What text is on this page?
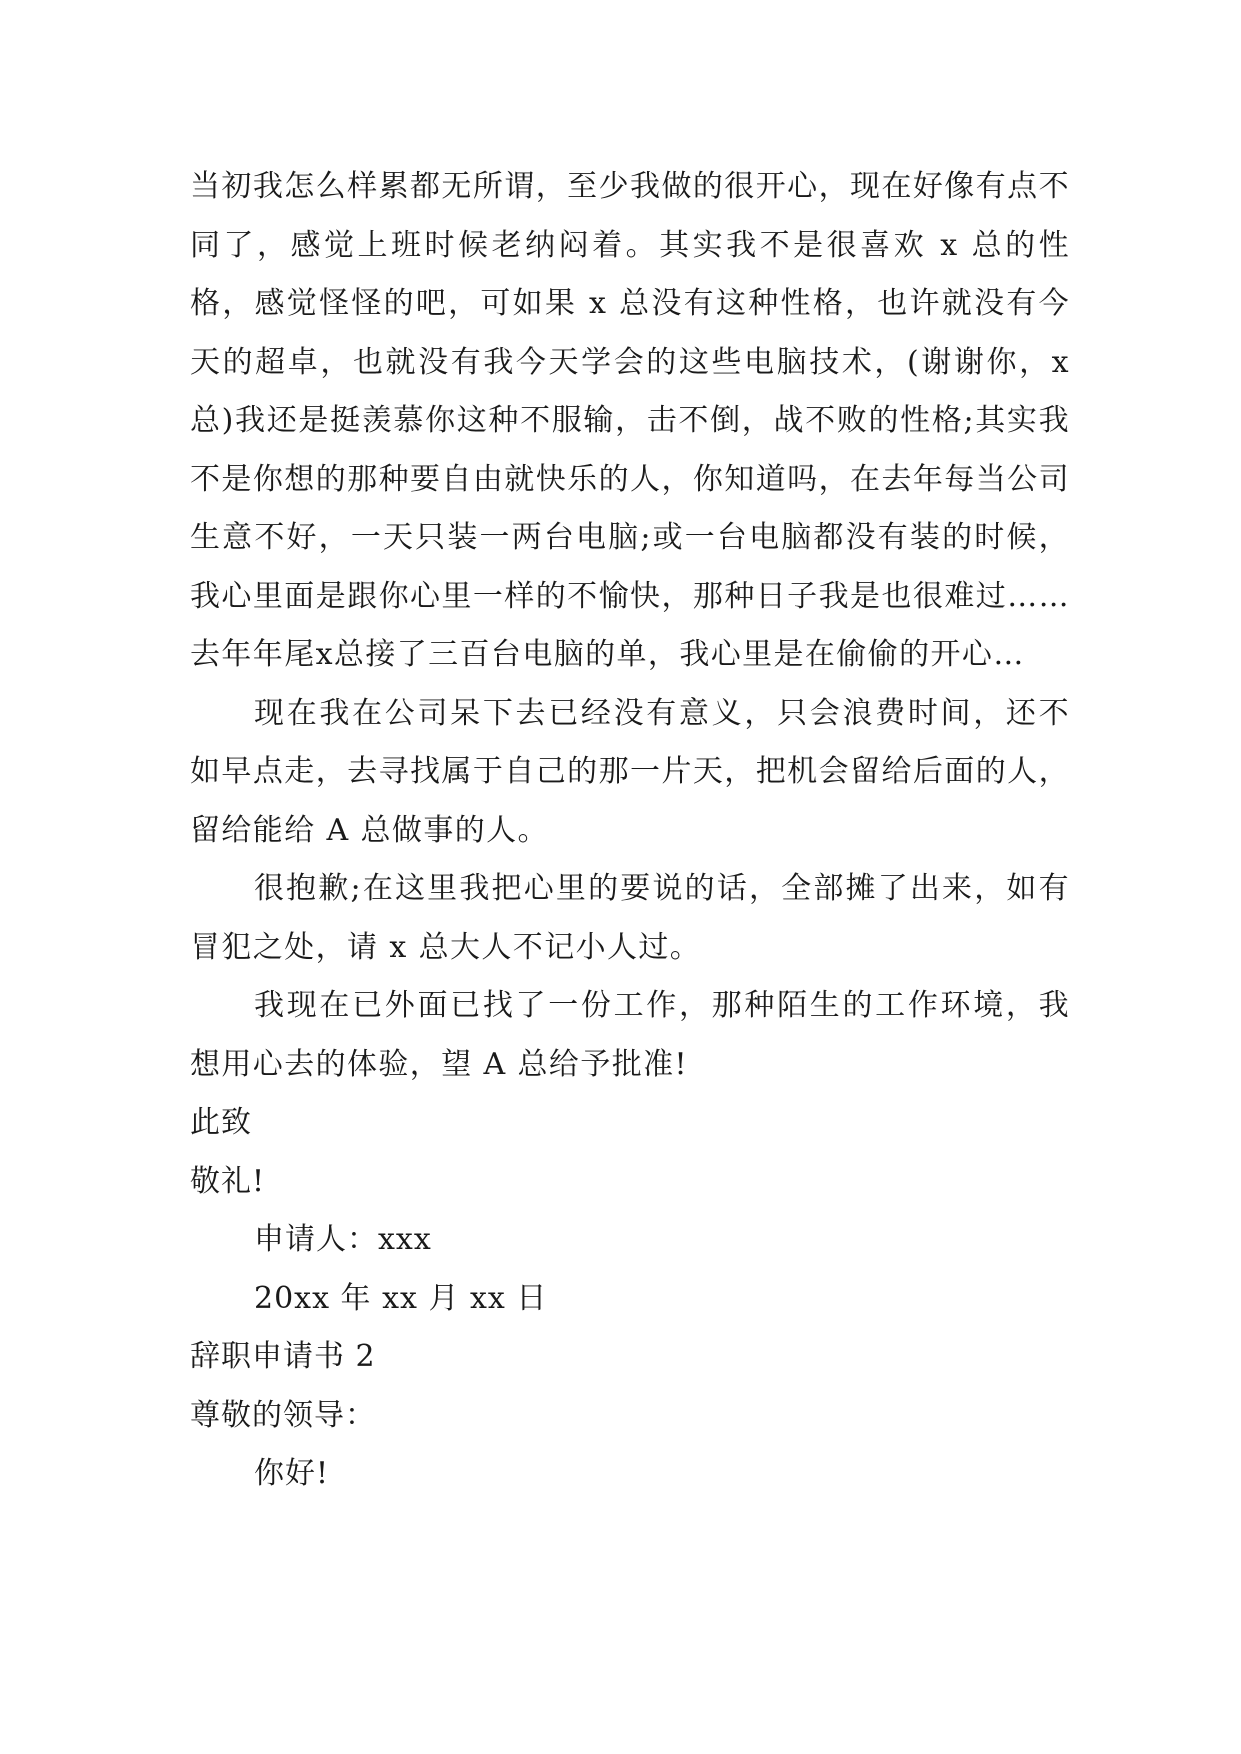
当初我怎么样累都无所谓，至少我做的很开心，现在好像有点不同了，感觉上班时候老纳闷着。其实我不是很喜欢 x 总的性格，感觉怪怪的吧，可如果 x 总没有这种性格，也许就没有今天的超卓，也就没有我今天学会的这些电脑技术，(谢谢你，x 总)我还是挺羡慕你这种不服输，击不倒，战不败的性格;其实我不是你想的那种要自由就快乐的人，你知道吗，在去年每当公司生意不好，一天只装一两台电脑;或一台电脑都没有装的时候，我心里面是跟你心里一样的不愉快，那种日子我是也很难过……去年年尾x总接了三百台电脑的单，我心里是在偷偷的开心…

现在我在公司呆下去已经没有意义，只会浪费时间，还不如早点走，去寻找属于自己的那一片天，把机会留给后面的人，留给能给 A 总做事的人。

很抱歉;在这里我把心里的要说的话，全部摊了出来，如有冒犯之处，请 x 总大人不记小人过。

我现在已外面已找了一份工作，那种陌生的工作环境，我想用心去的体验，望 A 总给予批准!

此致

敬礼!

申请人：xxx

20xx 年 xx 月 xx 日

辞职申请书 2

尊敬的领导：

你好!
